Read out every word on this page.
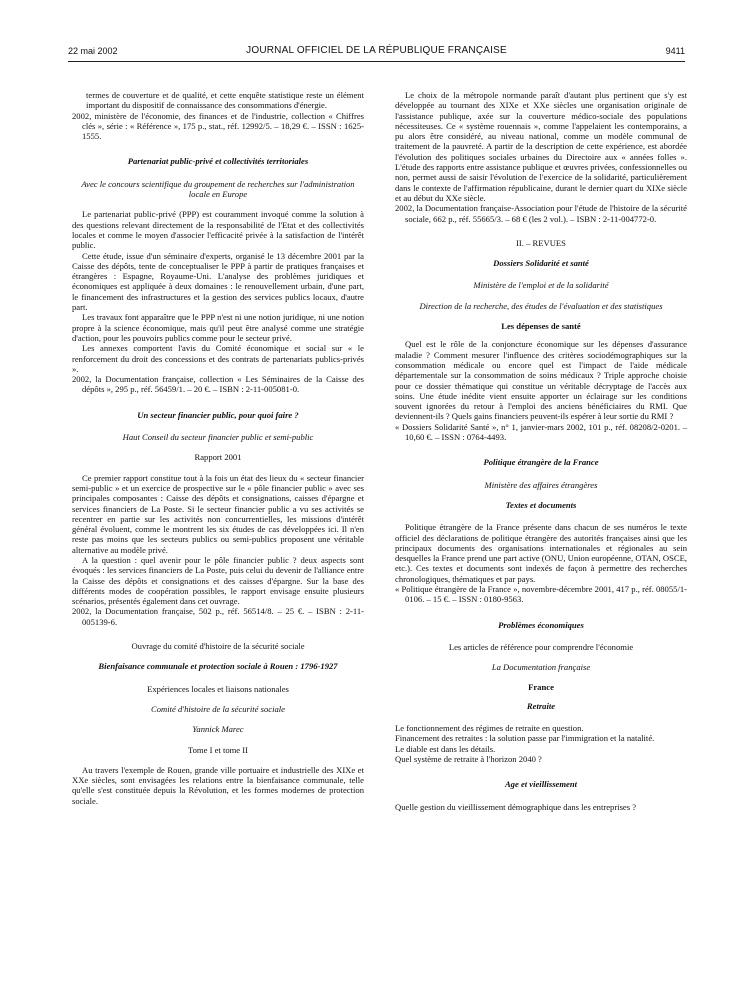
22 mai 2002	JOURNAL OFFICIEL DE LA RÉPUBLIQUE FRANÇAISE	9411

termes de couverture et de qualité, et cette enquête statistique reste un élément important du dispositif de connaissance des consommations d'énergie.

2002, ministère de l'économie, des finances et de l'industrie, collection « Chiffres clés », série : « Référence », 175 p., stat., réf. 12992/5. – 18,29 €. – ISSN : 1625-1555.

Partenariat public-privé et collectivités territoriales
Avec le concours scientifique du groupement de recherches sur l'administration locale en Europe

Le partenariat public-privé (PPP) est couramment invoqué comme la solution à des questions relevant directement de la responsabilité de l'Etat et des collectivités locales et comme le moyen d'associer l'efficacité privée à la satisfaction de l'intérêt public.

Cette étude, issue d'un séminaire d'experts, organisé le 13 décembre 2001 par la Caisse des dépôts, tente de conceptualiser le PPP à partir de pratiques françaises et étrangères : Espagne, Royaume-Uni. L'analyse des problèmes juridiques et économiques est appliquée à deux domaines : le renouvellement urbain, d'une part, le financement des infrastructures et la gestion des services publics locaux, d'autre part.

Les travaux font apparaître que le PPP n'est ni une notion juridique, ni une notion propre à la science économique, mais qu'il peut être analysé comme une stratégie d'action, pour les pouvoirs publics comme pour le secteur privé.

Les annexes comportent l'avis du Comité économique et social sur « le renforcement du droit des concessions et des contrats de partenariats publics-privés ».

2002, la Documentation française, collection « Les Séminaires de la Caisse des dépôts », 295 p., réf. 56459/1. – 20 €. – ISBN : 2-11-005081-0.

Un secteur financier public, pour quoi faire ?
Haut Conseil du secteur financier public et semi-public
Rapport 2001

Ce premier rapport constitue tout à la fois un état des lieux du « secteur financier semi-public » et un exercice de prospective sur le « pôle financier public » avec ses principales composantes : Caisse des dépôts et consignations, caisses d'épargne et services financiers de La Poste. Si le secteur financier public a vu ses activités se recentrer en partie sur les activités non concurrentielles, les missions d'intérêt général évoluent, comme le montrent les six études de cas développées ici. Il n'en reste pas moins que les secteurs publics ou semi-publics proposent une véritable alternative au modèle privé.

A la question : quel avenir pour le pôle financier public ? deux aspects sont évoqués : les services financiers de La Poste, puis celui du devenir de l'alliance entre la Caisse des dépôts et consignations et des caisses d'épargne. Sur la base des différents modes de coopération possibles, le rapport envisage ensuite plusieurs scénarios, présentés également dans cet ouvrage.

2002, la Documentation française, 502 p., réf. 56514/8. – 25 €. – ISBN : 2-11-005139-6.

Ouvrage du comité d'histoire de la sécurité sociale
Bienfaisance communale et protection sociale à Rouen : 1796-1927
Expériences locales et liaisons nationales
Comité d'histoire de la sécurité sociale
Yannick Marec
Tome I et tome II

Au travers l'exemple de Rouen, grande ville portuaire et industrielle des XIXe et XXe siècles, sont envisagées les relations entre la bienfaisance communale, telle qu'elle s'est constituée depuis la Révolution, et les formes modernes de protection sociale.

Le choix de la métropole normande paraît d'autant plus pertinent que s'y est développée au tournant des XIXe et XXe siècles une organisation originale de l'assistance publique, axée sur la couverture médico-sociale des populations nécessiteuses. Ce « système rouennais », comme l'appelaient les contemporains, a pu alors être considéré, au niveau national, comme un modèle communal de traitement de la pauvreté. A partir de la description de cette expérience, est abordée l'évolution des politiques sociales urbaines du Directoire aux « années folles ». L'étude des rapports entre assistance publique et œuvres privées, confessionnelles ou non, permet aussi de saisir l'évolution de l'exercice de la solidarité, particulièrement dans le contexte de l'affirmation républicaine, durant le dernier quart du XIXe siècle et au début du XXe siècle.

2002, la Documentation française-Association pour l'étude de l'histoire de la sécurité sociale, 662 p., réf. 55665/3. – 68 € (les 2 vol.). – ISBN : 2-11-004772-0.

II. – REVUES
Dossiers Solidarité et santé
Ministère de l'emploi et de la solidarité
Direction de la recherche, des études de l'évaluation et des statistiques
Les dépenses de santé

Quel est le rôle de la conjoncture économique sur les dépenses d'assurance maladie ? Comment mesurer l'influence des critères sociodémographiques sur la consommation médicale ou encore quel est l'impact de l'aide médicale départementale sur la consommation de soins médicaux ? Triple approche choisie pour ce dossier thématique qui constitue un véritable décryptage de l'accès aux soins. Une étude inédite vient ensuite apporter un éclairage sur les conditions souvent ignorées du retour à l'emploi des anciens bénéficiaires du RMI. Que deviennent-ils ? Quels gains financiers peuvent-ils espérer à leur sortie du RMI ?

« Dossiers Solidarité Santé », n° 1, janvier-mars 2002, 101 p., réf. 08208/2-0201. – 10,60 €. – ISSN : 0764-4493.

Politique étrangère de la France
Ministère des affaires étrangères
Textes et documents

Politique étrangère de la France présente dans chacun de ses numéros le texte officiel des déclarations de politique étrangère des autorités françaises ainsi que les principaux documents des organisations internationales et régionales au sein desquelles la France prend une part active (ONU, Union européenne, OTAN, OSCE, etc.). Ces textes et documents sont indexés de façon à permettre des recherches chronologiques, thématiques et par pays.

« Politique étrangère de la France », novembre-décembre 2001, 417 p., réf. 08055/1-0106. – 15 €. – ISSN : 0180-9563.

Problèmes économiques
Les articles de référence pour comprendre l'économie
La Documentation française
France
Retraite
Le fonctionnement des régimes de retraite en question.
Financement des retraites : la solution passe par l'immigration et la natalité.
Le diable est dans les détails.
Quel système de retraite à l'horizon 2040 ?
Age et vieillissement

Quelle gestion du vieillissement démographique dans les entreprises ?
